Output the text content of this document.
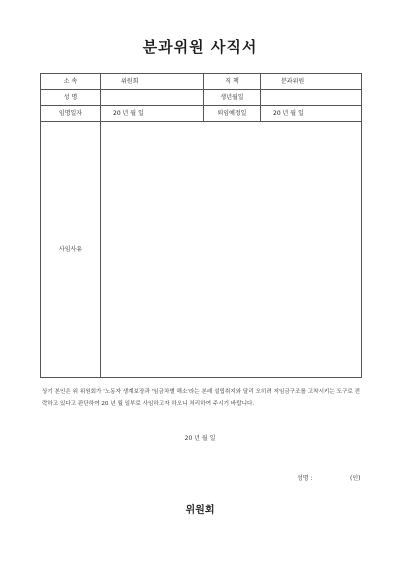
분과위원 사직서
소 속	위원회	직 책	분과위원
성 명		생년월일	
임명일자	20 년 월 일	퇴임예정일	20 년 월 일
사임사유			
상기 본인은 위 위원회가 '노동자 생계보장과 '임금차별 해소'라는 본래 설립취지와 달리 오히려 저임금구조를 고착시키는 도구로 전락하고 있다고 판단하여 20 년 월 일부로 사임하고자 하오니 처리하여 주시기 바랍니다.
20 년 월 일
성명 :	(인)
위원회
